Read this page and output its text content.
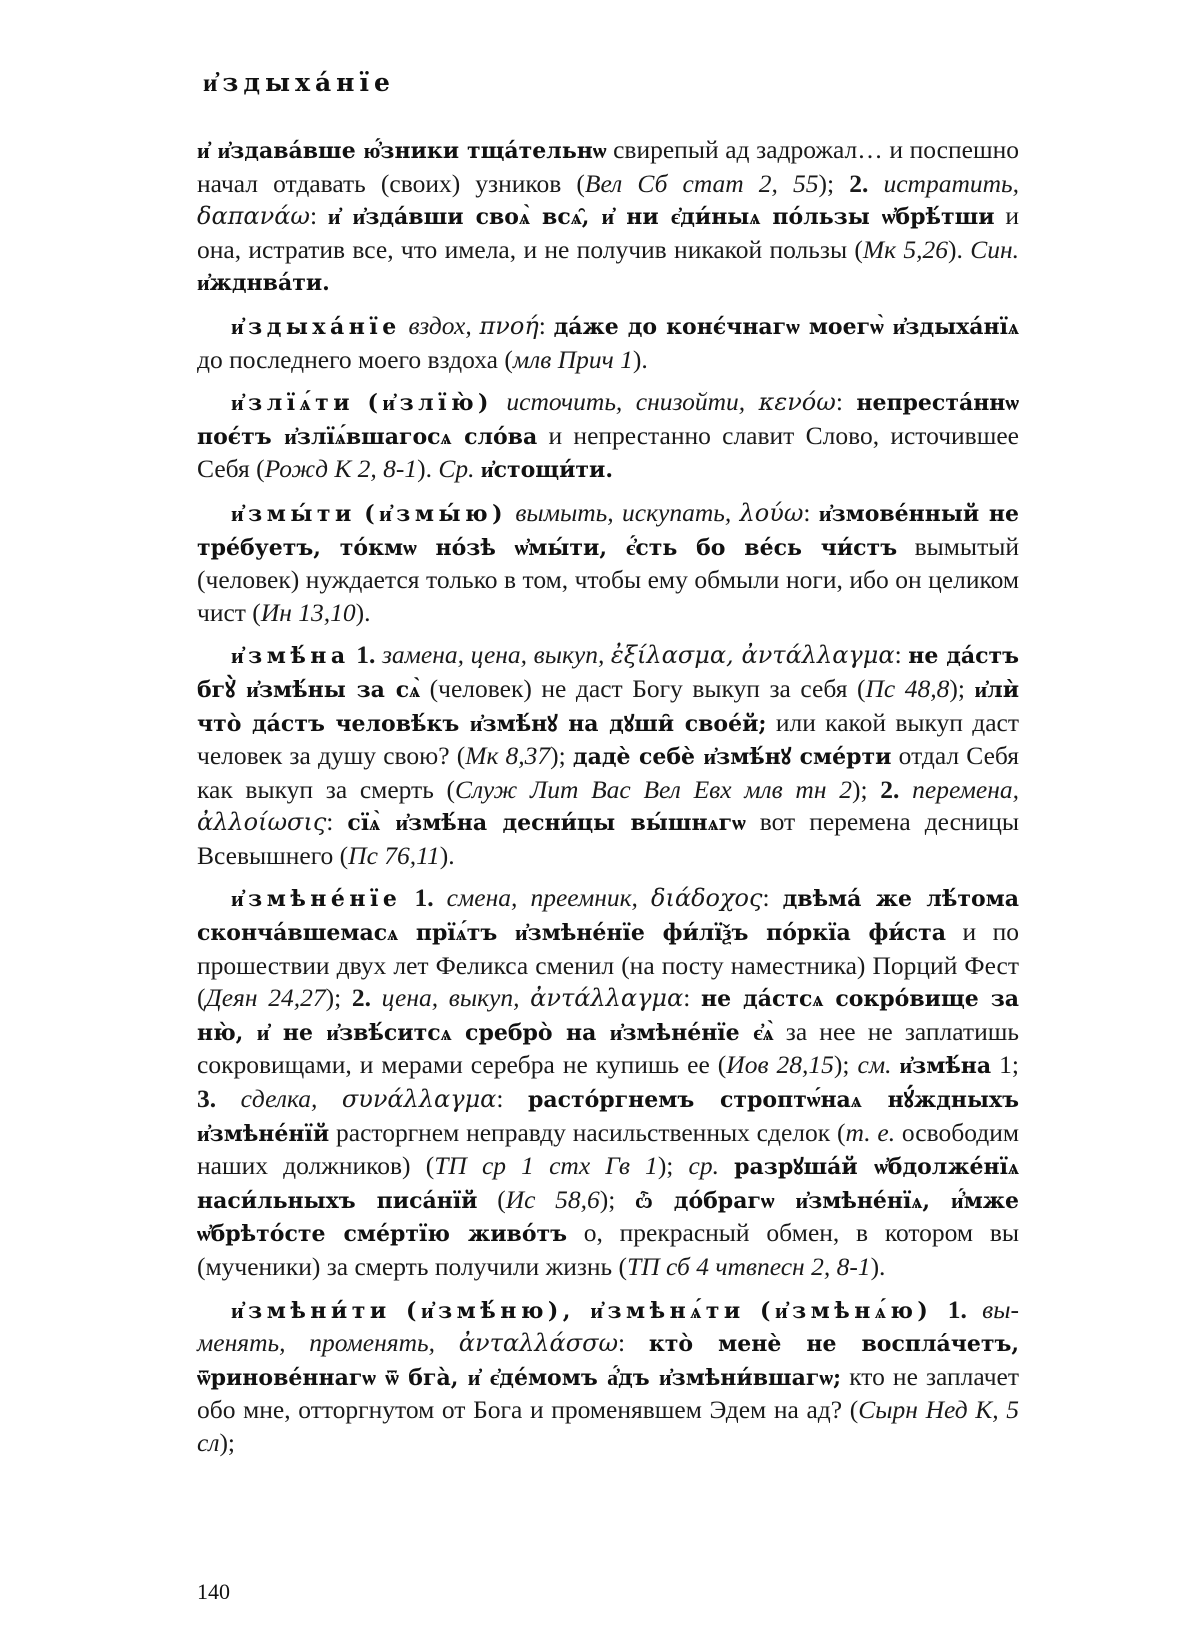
и҆здыха́нїе

и҆ и҆здава́вше ю҆́зники тща́тельнѡ свирепый ад задрожал… и поспешно начал отдавать (своих) узников (Вел Сб стат 2, 55); 2. истратить, δαπανάω: и҆ и҆зда́вши своѧ̀ всѧ̑, и҆ ни є҆ди́ныѧ по́льзы ѡ҆брѣ́тши и она, истратив все, что имела, и не получив никакой пользы (Мк 5,26). Син. и҆жднва́ти.

и҆здыха́нїе вздох, πνοή: да́же до конє́чнагѡ моегѡ̀ и҆здыха́нїѧ до последнего моего вздоха (млв Прич 1).

и҆злїѧ́ти (и҆злїю̀) источить, снизойти, κενόω: непрестáннѡ поє́тъ и҆злїѧ́вшагосѧ сло́ва и непрестанно славит Слово, источившее Себя (Рожд К 2, 8-1). Ср. и҆стощи́ти.

и҆змы́ти (и҆змы́ю) вымыть, искупать, λούω: и҆змове́нный не тре́буетъ, то́кмѡ но́зѣ ѡ҆мы́ти, є҆́сть бо ве́сь чи́стъ вымытый (человек) нуждается только в том, чтобы ему обмыли ноги, ибо он целиком чист (Ин 13,10).

и҆змѣ́на 1. замена, цена, выкуп, ἐξίλασμα, ἀντάλλαγμα: не да́стъ бгꙋ̀ и҆змѣ́ны за сѧ̀ (человек) не даст Богу выкуп за себя (Пс 48,8); и҆лѝ что̀ да́стъ человѣ́къ и҆змѣ́нꙋ на дꙋши̑ свое́й; или какой выкуп даст человек за душу свою? (Мк 8,37); дадѐ себѐ и҆змѣ́нꙋ сме́рти отдал Себя как выкуп за смерть (Служ Лит Вас Вел Евх млв тн 2); 2. перемена, ἀλλοίωσις: сїѧ̀ и҆змѣ́на десни́цы вы́шнѧгѡ вот перемена десницы Всевышнего (Пс 76,11).

и҆змѣне́нїе 1. смена, преемник, διάδοχος: двѣма́ же лѣ́тома сконча́вшемасѧ прїѧ́тъ и҆змѣне́нїе фи́лїѯъ по́ркїа фи́ста и по прошествии двух лет Феликса сменил (на посту наместника) Порций Фест (Деян 24,27); 2. цена, выкуп, ἀντάλλαγμα: не да́стсѧ сокро́вище за ню̀, и҆ не и҆звѣ́ситсѧ сребро̀ на и҆змѣне́нїе є҆ѧ̀ за нее не заплатишь сокровищами, и мерами серебра не купишь ее (Иов 28,15); см. и҆змѣ́на 1; 3. сделка, συνάλλαγμα: расто́ргнемъ строптѡ́наѧ нꙋ́ждныхъ и҆змѣне́нїй расторгнем неправду насильственных сделок (т. е. освободим наших должников) (ТП ср 1 стх Гв 1); ср. разрꙋша́й ѡ҆бдолже́нїѧ наси́льныхъ писа́нїй (Ис 58,6); ѽ до́брагѡ и҆змѣне́нїѧ, и҆́мже ѡ҆брѣто́сте сме́ртїю живо́тъ о, прекрасный обмен, в котором вы (мученики) за смерть получили жизнь (ТП сб 4 чтвпесн 2, 8-1).

и҆змѣни́ти (и҆змѣ́ню), и҆змѣнѧ́ти (и҆змѣнѧ́ю) 1. выменять, променять, ἀνταλλάσσω: кто̀ менѐ не восплáчетъ, ѿринове́ннагѡ ѿ бга̀, и҆ є҆де́момъ а҆́дъ и҆змѣни́вшагѡ; кто не заплачет обо мне, отторгнутом от Бога и променявшем Эдем на ад? (Сырн Нед К, 5 сл);

140
